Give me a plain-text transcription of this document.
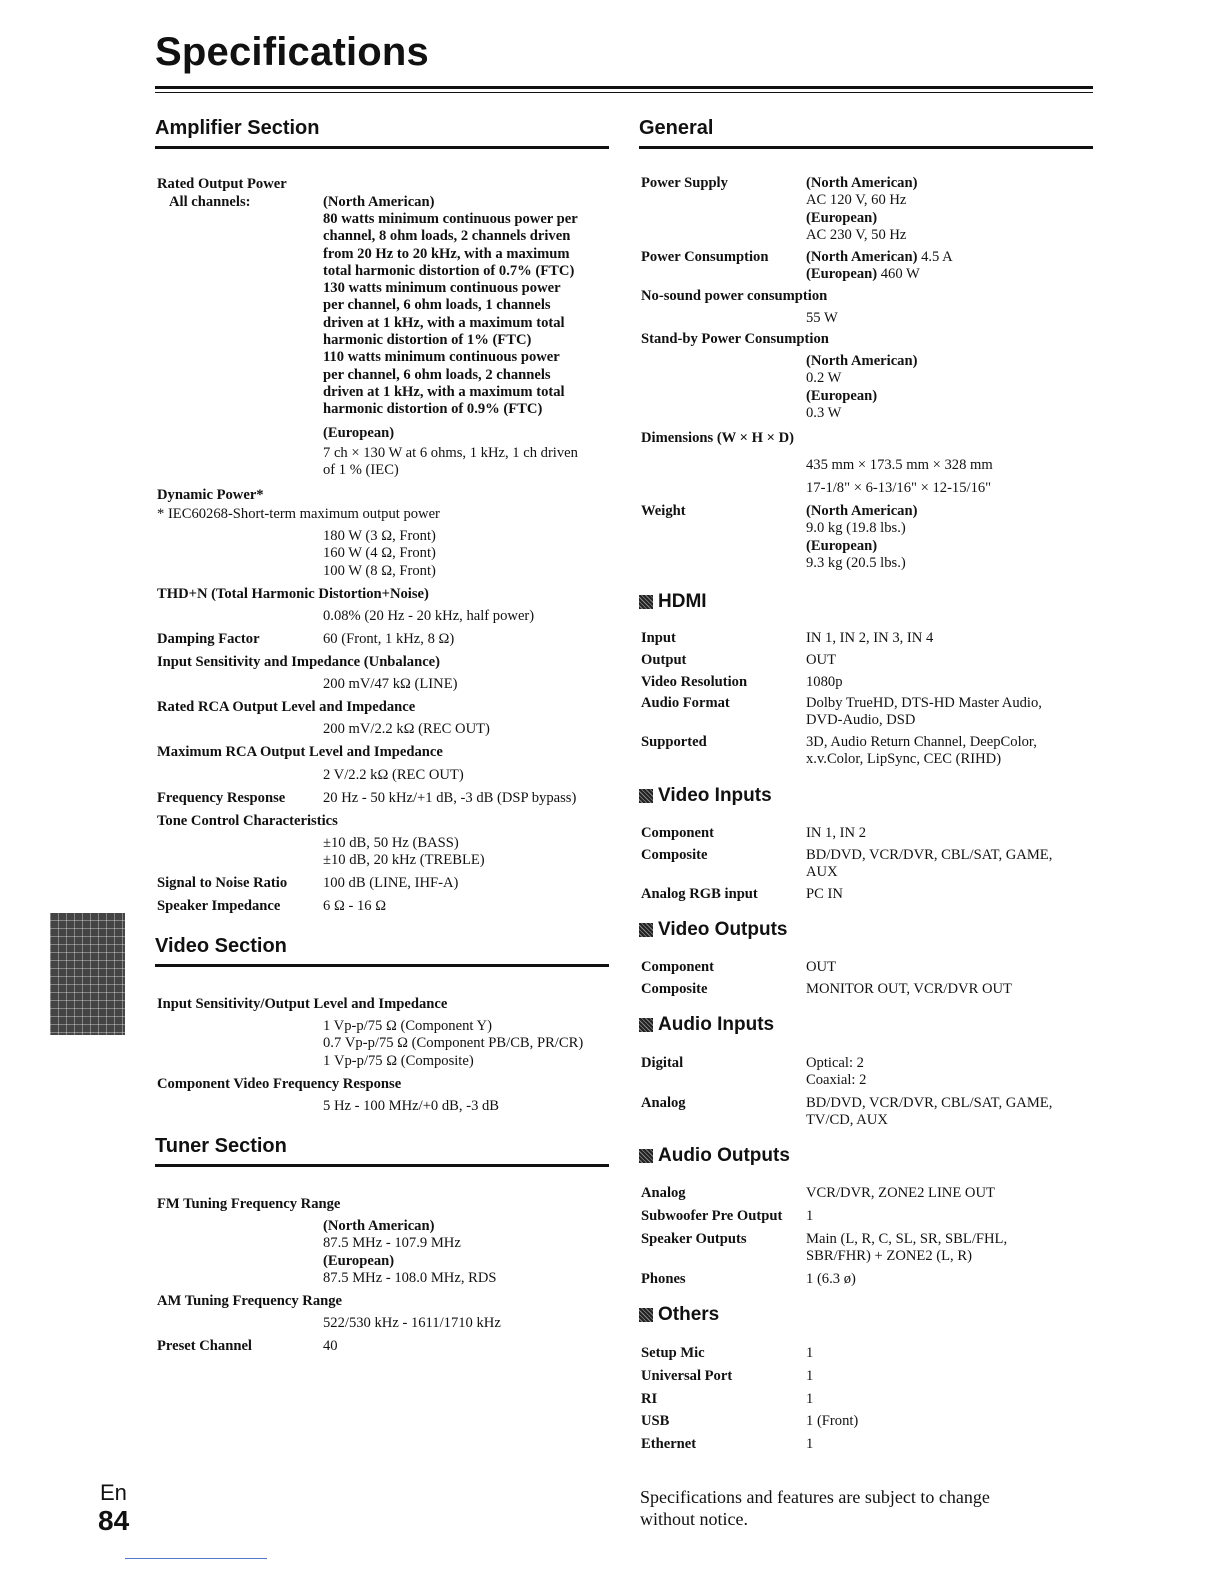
Specifications
Amplifier Section
Rated Output Power
All channels:	(North American)
80 watts minimum continuous power per
channel, 8 ohm loads, 2 channels driven
from 20 Hz to 20 kHz, with a maximum
total harmonic distortion of 0.7% (FTC)
130 watts minimum continuous power
per channel, 6 ohm loads, 1 channels
driven at 1 kHz, with a maximum total
harmonic distortion of 1% (FTC)
110 watts minimum continuous power
per channel, 6 ohm loads, 2 channels
driven at 1 kHz, with a maximum total
harmonic distortion of 0.9% (FTC)
(European)
7 ch × 130 W at 6 ohms, 1 kHz, 1 ch driven
of 1 % (IEC)
Dynamic Power*
* IEC60268-Short-term maximum output power
180 W (3 Ω, Front)
160 W (4 Ω, Front)
100 W (8 Ω, Front)
THD+N (Total Harmonic Distortion+Noise)
0.08% (20 Hz - 20 kHz, half power)
Damping Factor	60 (Front, 1 kHz, 8 Ω)
Input Sensitivity and Impedance (Unbalance)
200 mV/47 kΩ (LINE)
Rated RCA Output Level and Impedance
200 mV/2.2 kΩ (REC OUT)
Maximum RCA Output Level and Impedance
2 V/2.2 kΩ (REC OUT)
Frequency Response	20 Hz - 50 kHz/+1 dB, -3 dB (DSP bypass)
Tone Control Characteristics
±10 dB, 50 Hz (BASS)
±10 dB, 20 kHz (TREBLE)
Signal to Noise Ratio 100 dB (LINE, IHF-A)
Speaker Impedance	6 Ω - 16 Ω
Input Sensitivity/Output Level and Impedance
1 Vp-p/75 Ω (Component Y)
0.7 Vp-p/75 Ω (Component PB/CB, PR/CR)
1 Vp-p/75 Ω (Composite)
Component Video Frequency Response
5 Hz - 100 MHz/+0 dB, -3 dB
FM Tuning Frequency Range
(North American)
87.5 MHz - 107.9 MHz
(European)
87.5 MHz - 108.0 MHz, RDS
AM Tuning Frequency Range
522/530 kHz - 1611/1710 kHz
Preset Channel	40
Video Section
Tuner Section
General
Power Supply	(North American)
AC 120 V, 60 Hz
(European)
AC 230 V, 50 Hz
Power Consumption	(North American) 4.5 A
(European) 460 W
No-sound power consumption
55 W
Stand-by Power Consumption
(North American)
0.2 W
(European)
0.3 W
Dimensions (W × H × D)
435 mm × 173.5 mm × 328 mm
17-1/8" × 6-13/16" × 12-15/16"
Weight	(North American)
9.0 kg (19.8 lbs.)
(European)
9.3 kg (20.5 lbs.)
HDMI
Input	IN 1, IN 2, IN 3, IN 4
Output	OUT
Video Resolution	1080p
Audio Format	Dolby TrueHD, DTS-HD Master Audio,
DVD-Audio, DSD
Supported	3D, Audio Return Channel, DeepColor,
x.v.Color, LipSync, CEC (RIHD)
Video Inputs
Component	IN 1, IN 2
Composite	BD/DVD, VCR/DVR, CBL/SAT, GAME,
AUX
Analog RGB input	PC IN
Video Outputs
Component	OUT
Composite	MONITOR OUT, VCR/DVR OUT
Audio Inputs
Digital	Optical: 2
Coaxial: 2
Analog	BD/DVD, VCR/DVR, CBL/SAT, GAME,
TV/CD, AUX
Audio Outputs
Analog	VCR/DVR, ZONE2 LINE OUT
Subwoofer Pre Output 1
Speaker Outputs	Main (L, R, C, SL, SR, SBL/FHL,
SBR/FHR) + ZONE2 (L, R)
Phones	1 (6.3 ø)
Others
Setup Mic	1
Universal Port	1
RI	1
USB	1 (Front)
Ethernet	1
Specifications and features are subject to change
without notice.
En
84
